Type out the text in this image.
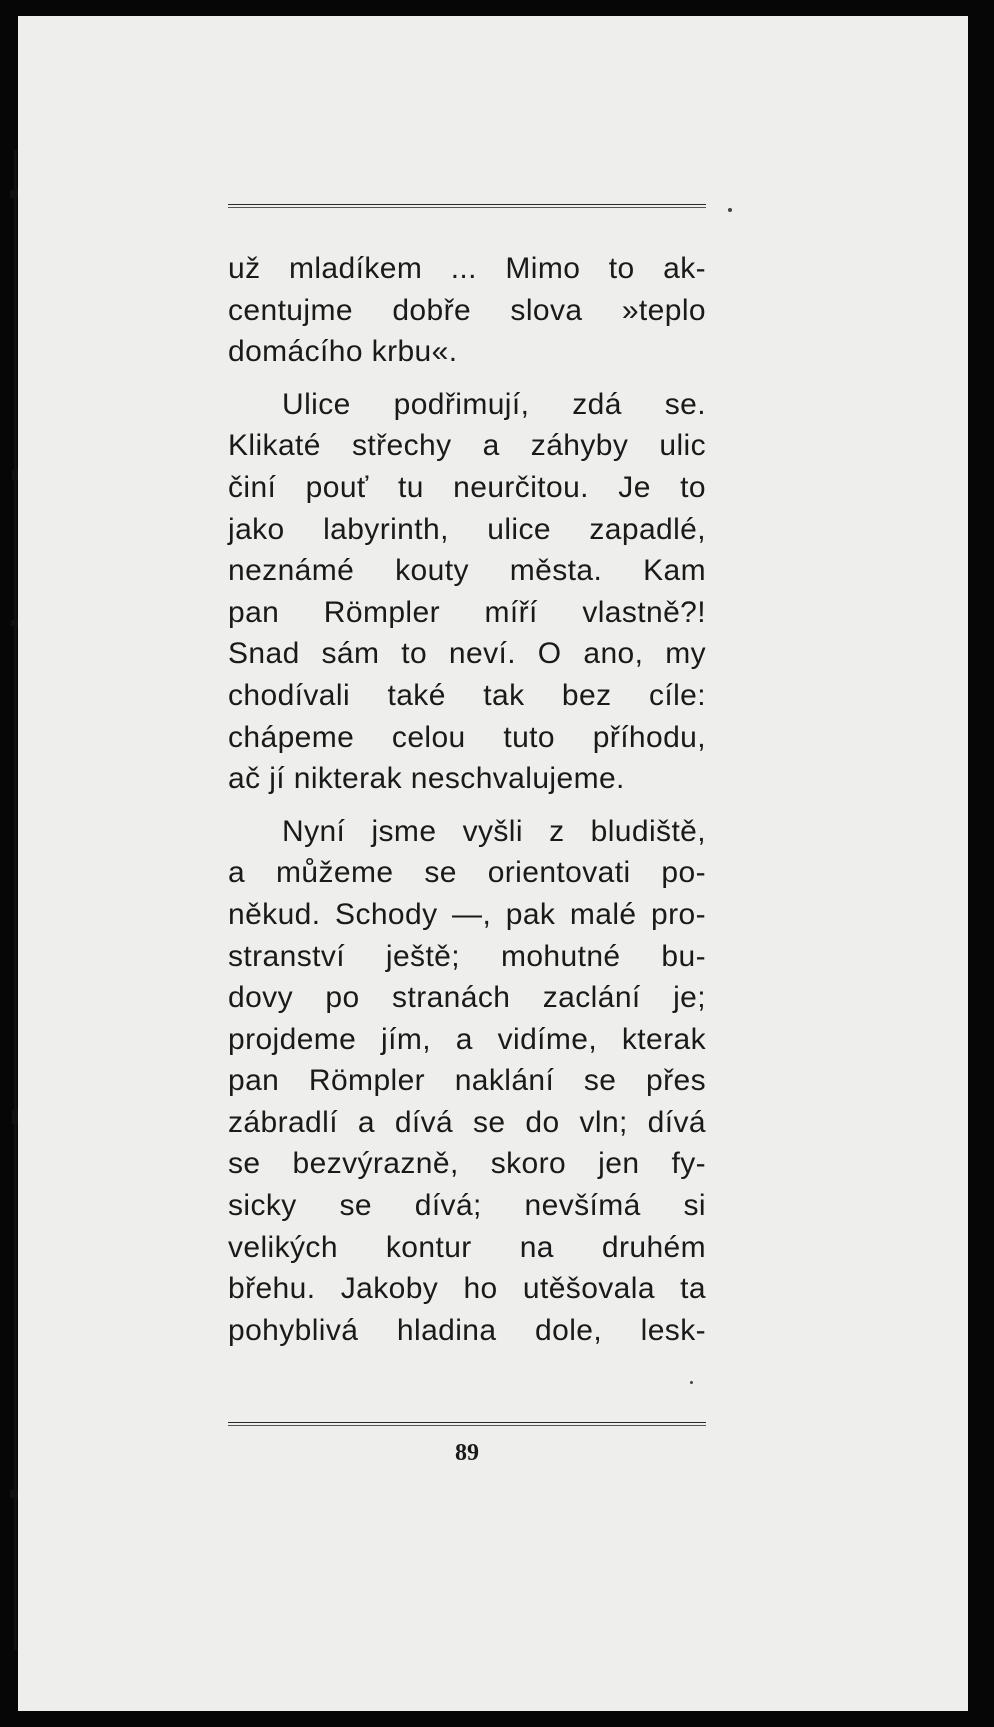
už mladíkem ... Mimo to ak-
centujme dobře slova »teplo
domácího krbu«.

Ulice podřimují, zdá se.
Klikaté střechy a záhyby ulic
činí pouť tu neurčitou. Je to
jako labyrinth, ulice zapadlé,
neznámé kouty města. Kam
pan Römpler míří vlastně?!
Snad sám to neví. O ano, my
chodívali také tak bez cíle:
chápeme celou tuto příhodu,
ač jí nikterak neschvalujeme.

Nyní jsme vyšli z bludiště,
a můžeme se orientovati po-
někud. Schody —, pak malé pro-
stranství ještě; mohutné bu-
dovy po stranách zaclání je;
projdeme jím, a vidíme, kterak
pan Römpler naklání se přes
zábradlí a dívá se do vln; dívá
se bezvýrazně, skoro jen fy-
sicky se dívá; nevšímá si
velikých kontur na druhém
břehu. Jakoby ho utěšovala ta
pohyblivá hladina dole, lesk-

89
